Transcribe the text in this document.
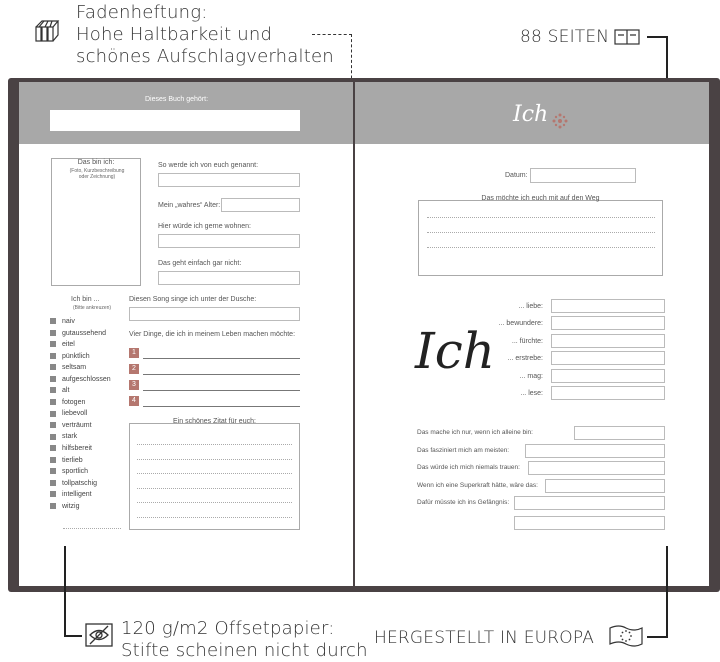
Fadenheftung:
Hohe Haltbarkeit und
schönes Aufschlagverhalten
88 SEITEN
Dieses Buch gehört:
Das bin ich:
(Foto, Kurzbeschreibung oder Zeichnung)
So werde ich von euch genannt:
Mein „wahres“ Alter:
Hier würde ich gerne wohnen:
Das geht einfach gar nicht:
Ich bin ...
(Bitte ankreuzen)
naiv
gutaussehend
eitel
pünktlich
seltsam
aufgeschlossen
alt
fotogen
liebevoll
verträumt
stark
hilfsbereit
tierlieb
sportlich
tollpatschig
intelligent
witzig
Diesen Song singe ich unter der Dusche:
Vier Dinge, die ich in meinem Leben machen möchte:
1
2
3
4
Ein schönes Zitat für euch:
Ich
Datum:
Das möchte ich euch mit auf den Weg
Ich
... liebe:
... bewundere:
... fürchte:
... erstrebe:
... mag:
... lese:
Das mache ich nur, wenn ich alleine bin:
Das fasziniert mich am meisten:
Das würde ich mich niemals trauen:
Wenn ich eine Superkraft hätte, wäre das:
Dafür müsste ich ins Gefängnis:
120 g/m2 Offsetpapier:
Stifte scheinen nicht durch
HERGESTELLT IN EUROPA
